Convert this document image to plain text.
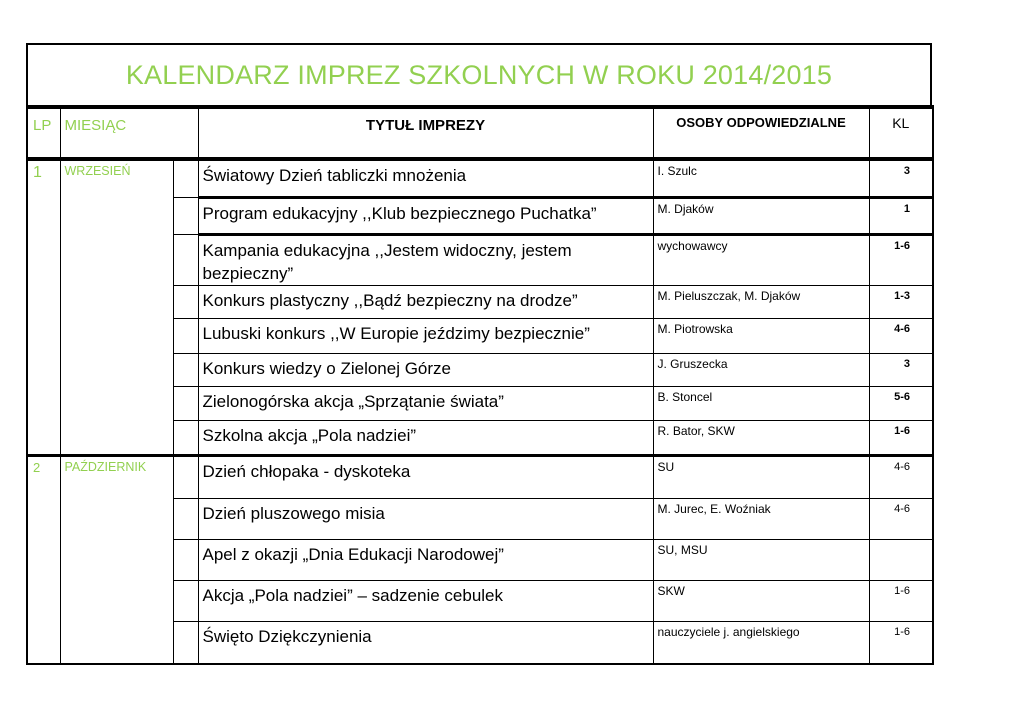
KALENDARZ IMPREZ SZKOLNYCH W ROKU 2014/2015
LP	MIESIĄC		TYTUŁ IMPREZY	OSOBY ODPOWIEDZIALNE	KL
1	WRZESIEŃ		Światowy Dzień tabliczki mnożenia	I. Szulc	3
			Program edukacyjny ,,Klub bezpiecznego Puchatka”	M. Djaków	1
			Kampania edukacyjna ,,Jestem widoczny, jestem bezpieczny”	wychowawcy	1-6
			Konkurs plastyczny ,,Bądź bezpieczny na drodze”	M. Pieluszczak, M. Djaków	1-3
			Lubuski konkurs ,,W Europie jeździmy bezpiecznie”	M. Piotrowska	4-6
			Konkurs wiedzy o Zielonej Górze	J. Gruszecka	3
			Zielonogórska akcja „Sprzątanie świata”	B. Stoncel	5-6
			Szkolna akcja „Pola nadziei”	R. Bator, SKW	1-6
2	PAŹDZIERNIK		Dzień chłopaka - dyskoteka	SU	4-6
			Dzień pluszowego misia	M. Jurec, E. Woźniak	4-6
			Apel z okazji „Dnia Edukacji Narodowej”	SU, MSU	
			Akcja „Pola nadziei” – sadzenie cebulek	SKW	1-6
			Święto Dziękczynienia	nauczyciele j. angielskiego	1-6
